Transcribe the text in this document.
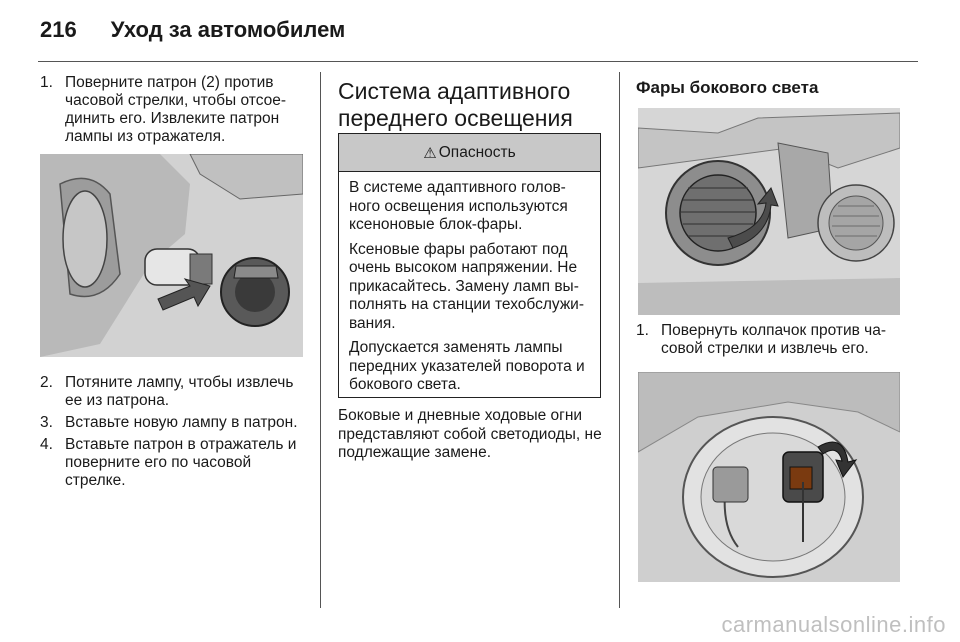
216 Уход за автомобилем
1. Поверните патрон (2) против часовой стрелки, чтобы отсое- динить его. Извлеките патрон лампы из отражателя.
2. Потяните лампу, чтобы извлечь ее из патрона.
3. Вставьте новую лампу в патрон.
4. Вставьте патрон в отражатель и поверните его по часовой стрелке.
Система адаптивного переднего освещения
⚠ Опасность

В системе адаптивного голов- ного освещения используются ксеноновые блок-фары.

Ксеновые фары работают под очень высоком напряжении. Не прикасайтесь. Замену ламп вы- полнять на станции техобслужи- вания.

Допускается заменять лампы передних указателей поворота и бокового света.

Боковые и дневные ходовые огни представляют собой светодиоды, не подлежащие замене.

Фары бокового света
1. Повернуть колпачок против ча- совой стрелки и извлечь его.
carmanualsonline.info
